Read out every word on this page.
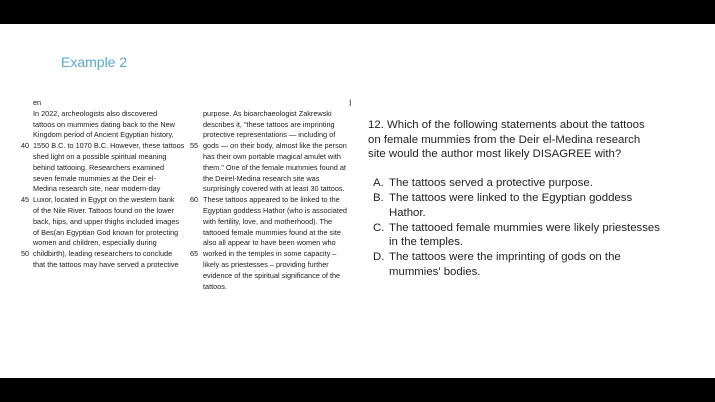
Example 2
en
In 2022, archeologists also discovered
tattoos on mummies dating back to the New
Kingdom period of Ancient Egyptian history,
40 1550 B.C. to 1070 B.C. However, these tattoos
shed light on a possible spiritual meaning
behind tattooing. Researchers examined
seven female mummies at the Deir el-
Medina research site, near modern-day
45 Luxor, located in Egypt on the western bank
of the Nile River. Tattoos found on the lower
back, hips, and upper thighs included images
of Bes(an Egyptian God known for protecting
women and children, especially during
50 childbirth), leading researchers to conclude
that the tattoos may have served a protective
purpose. As bioarchaeologist Zakrewski
describes it, "these tattoos are imprinting
protective representations — including of
55 gods — on their body, almost like the person
has their own portable magical amulet with
them." One of the female mummies found at
the Deirel-Medina research site was
surprisingly covered with at least 30 tattoos.
60 These tattoos appeared to be linked to the
Egyptian goddess Hathor (who is associated
with fertility, love, and motherhood). The
tattooed female mummies found at the site
also all appear to have been women who
65 worked in the temples in some capacity –
likely as priestesses – providing further
evidence of the spiritual significance of the
tattoos.
I

12. Which of the following statements about the tattoos on female mummies from the Deir el-Medina research site would the author most likely DISAGREE with?

A. The tattoos served a protective purpose.
B. The tattoos were linked to the Egyptian goddess Hathor.
C. The tattooed female mummies were likely priestesses in the temples.
D. The tattoos were the imprinting of gods on the mummies' bodies.
